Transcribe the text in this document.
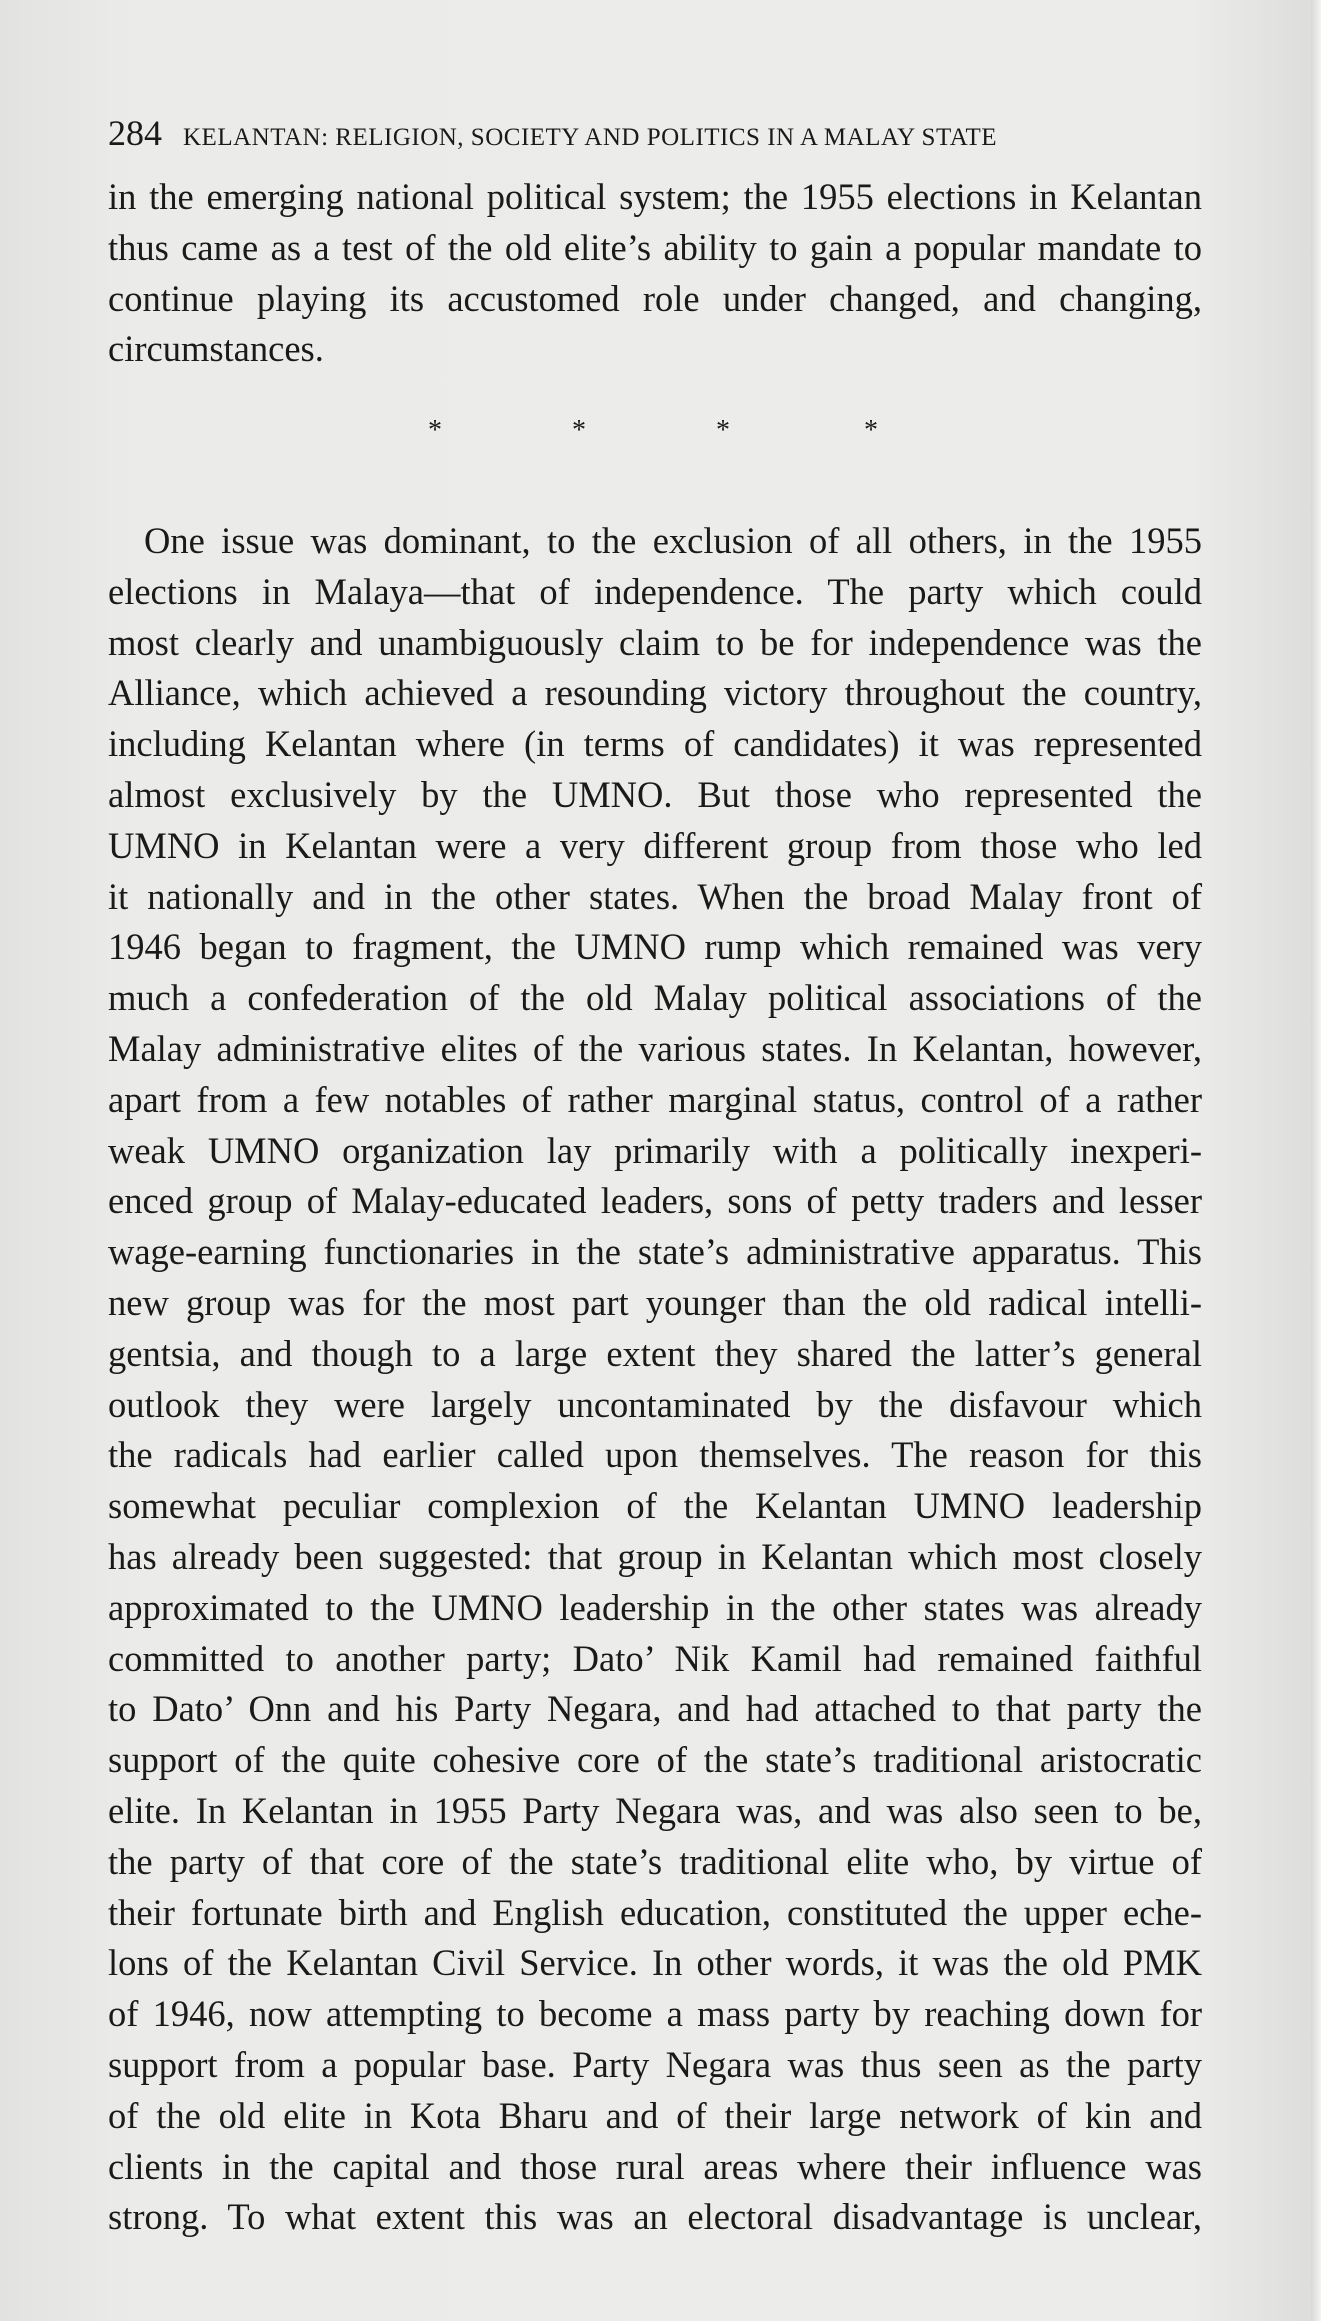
284 KELANTAN: RELIGION, SOCIETY AND POLITICS IN A MALAY STATE
in the emerging national political system; the 1955 elections in Kelantan
thus came as a test of the old elite’s ability to gain a popular mandate to
continue playing its accustomed role under changed, and changing,
circumstances.
*	*	*	*
One issue was dominant, to the exclusion of all others, in the 1955
elections in Malaya—that of independence. The party which could
most clearly and unambiguously claim to be for independence was the
Alliance, which achieved a resounding victory throughout the country,
including Kelantan where (in terms of candidates) it was represented
almost exclusively by the UMNO. But those who represented the
UMNO in Kelantan were a very different group from those who led
it nationally and in the other states. When the broad Malay front of
1946 began to fragment, the UMNO rump which remained was very
much a confederation of the old Malay political associations of the
Malay administrative elites of the various states. In Kelantan, however,
apart from a few notables of rather marginal status, control of a rather
weak UMNO organization lay primarily with a politically inexperi-
enced group of Malay-educated leaders, sons of petty traders and lesser
wage-earning functionaries in the state’s administrative apparatus. This
new group was for the most part younger than the old radical intelli-
gentsia, and though to a large extent they shared the latter’s general
outlook they were largely uncontaminated by the disfavour which
the radicals had earlier called upon themselves. The reason for this
somewhat peculiar complexion of the Kelantan UMNO leadership
has already been suggested: that group in Kelantan which most closely
approximated to the UMNO leadership in the other states was already
committed to another party; Dato’ Nik Kamil had remained faithful
to Dato’ Onn and his Party Negara, and had attached to that party the
support of the quite cohesive core of the state’s traditional aristocratic
elite. In Kelantan in 1955 Party Negara was, and was also seen to be,
the party of that core of the state’s traditional elite who, by virtue of
their fortunate birth and English education, constituted the upper eche-
lons of the Kelantan Civil Service. In other words, it was the old PMK
of 1946, now attempting to become a mass party by reaching down for
support from a popular base. Party Negara was thus seen as the party
of the old elite in Kota Bharu and of their large network of kin and
clients in the capital and those rural areas where their influence was
strong. To what extent this was an electoral disadvantage is unclear,
